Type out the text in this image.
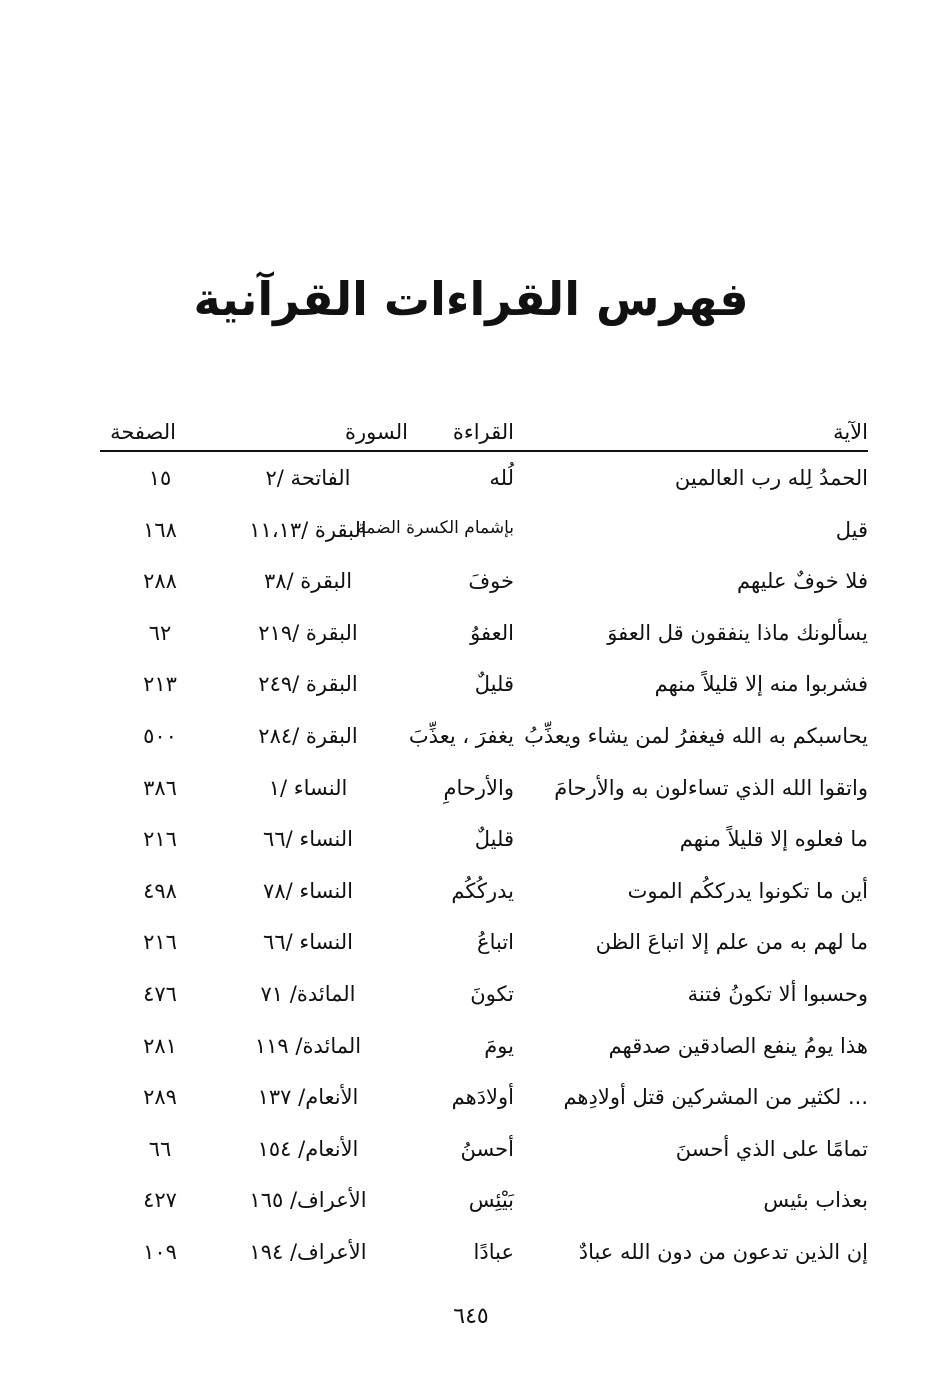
فهرس القراءات القرآنية
الآية
القراءة
السورة
الصفحة
الحمدُ لِله رب العالمين
لُله
الفاتحة /٢
١٥
قيل
بإشمام الكسرة الضمة
البقرة /١١،١٣
١٦٨
فلا خوفٌ عليهم
خوفَ
البقرة /٣٨
٢٨٨
يسألونك ماذا ينفقون قل العفوَ
العفوُ
البقرة /٢١٩
٦٢
فشربوا منه إلا قليلاً منهم
قليلٌ
البقرة /٢٤٩
٢١٣
يحاسبكم به الله فيغفرُ لمن يشاء ويعذِّبُ
يغفرَ ، يعذِّبَ
البقرة /٢٨٤
٥٠٠
واتقوا الله الذي تساءلون به والأرحامَ
والأرحامِ
النساء /١
٣٨٦
ما فعلوه إلا قليلاً منهم
قليلٌ
النساء /٦٦
٢١٦
أين ما تكونوا يدرككُم الموت
يدركُكُم
النساء /٧٨
٤٩٨
ما لهم به من علم إلا اتباعَ الظن
اتباعُ
النساء /٦٦
٢١٦
وحسبوا ألا تكونُ فتنة
تكونَ
المائدة/ ٧١
٤٧٦
هذا يومُ ينفع الصادقين صدقهم
يومَ
المائدة/ ١١٩
٢٨١
... لكثير من المشركين قتل أولادِهم
أولادَهم
الأنعام/ ١٣٧
٢٨٩
تمامًا على الذي أحسنَ
أحسنُ
الأنعام/ ١٥٤
٦٦
بعذاب بئيس
بَيْئِس
الأعراف/ ١٦٥
٤٢٧
إن الذين تدعون من دون الله عبادٌ
عبادًا
الأعراف/ ١٩٤
١٠٩
٦٤٥
